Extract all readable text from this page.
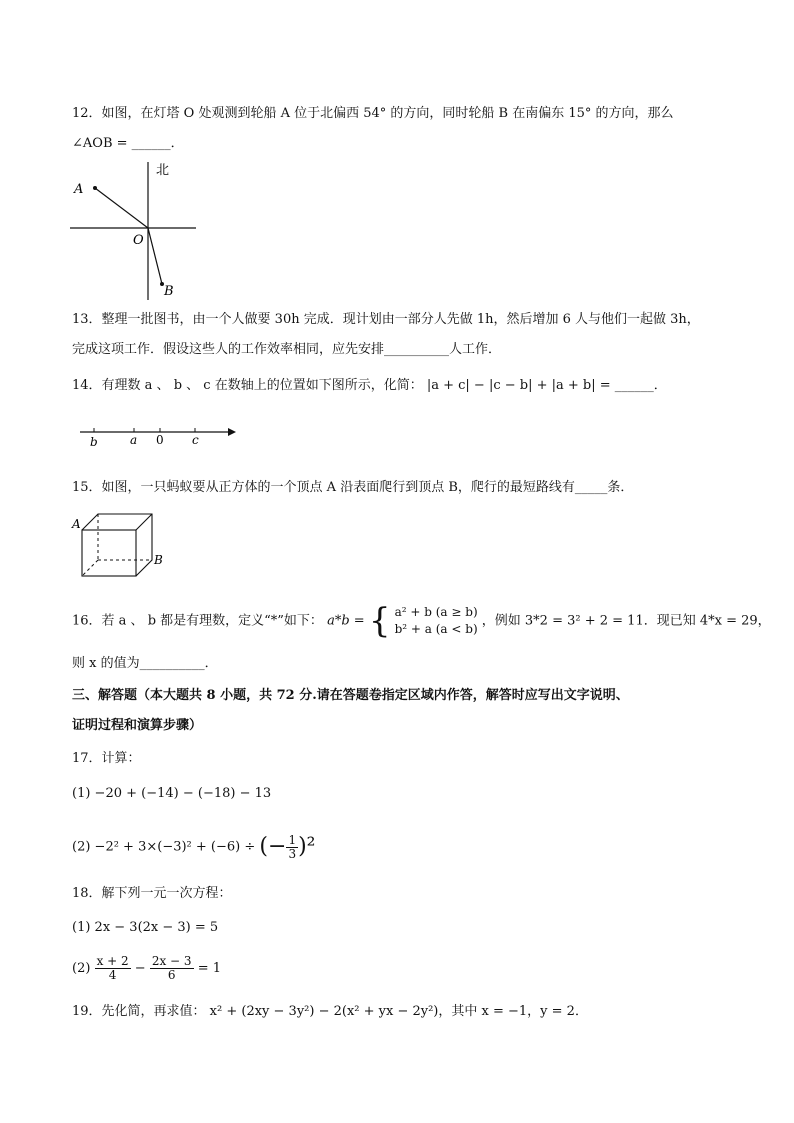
12．如图，在灯塔 O 处观测到轮船 A 位于北偏西 54° 的方向，同时轮船 B 在南偏东 15° 的方向，那么
∠AOB = ______．
北
A
O
B
13．整理一批图书，由一个人做要 30h 完成．现计划由一部分人先做 1h，然后增加 6 人与他们一起做 3h，
完成这项工作．假设这些人的工作效率相同，应先安排__________人工作．
14．有理数 a 、 b 、 c 在数轴上的位置如下图所示，化简： |a + c| − |c − b| + |a + b| = ______．
b	a 0 c
15．如图，一只蚂蚁要从正方体的一个顶点 A 沿表面爬行到顶点 B，爬行的最短路线有_____条．
A
B
16．若 a 、 b 都是有理数，定义“*”如下： a*b = { a² + b (a ≥ b)
b² + a (a < b)
，例如 3*2 = 3² + 2 = 11．现已知 4*x = 29，
则 x 的值为__________．
三、解答题（本大题共 8 小题，共 72 分.请在答题卷指定区域内作答，解答时应写出文字说明、
证明过程和演算步骤）
17．计算：
(1) −20 + (−14) − (−18) − 13
(2) −2² + 3×(−3)² + (−6) ÷ (− $\frac{1}{3} )^2$
18．解下列一元一次方程：
(1) 2x − 3(2x − 3) = 5
$(2) \frac{x + 2}{4} - \frac{2x - 3}{6} = 1$
19．先化简，再求值： x² + (2xy − 3y²) − 2(x² + yx − 2y²)，其中 x = −1，y = 2．
